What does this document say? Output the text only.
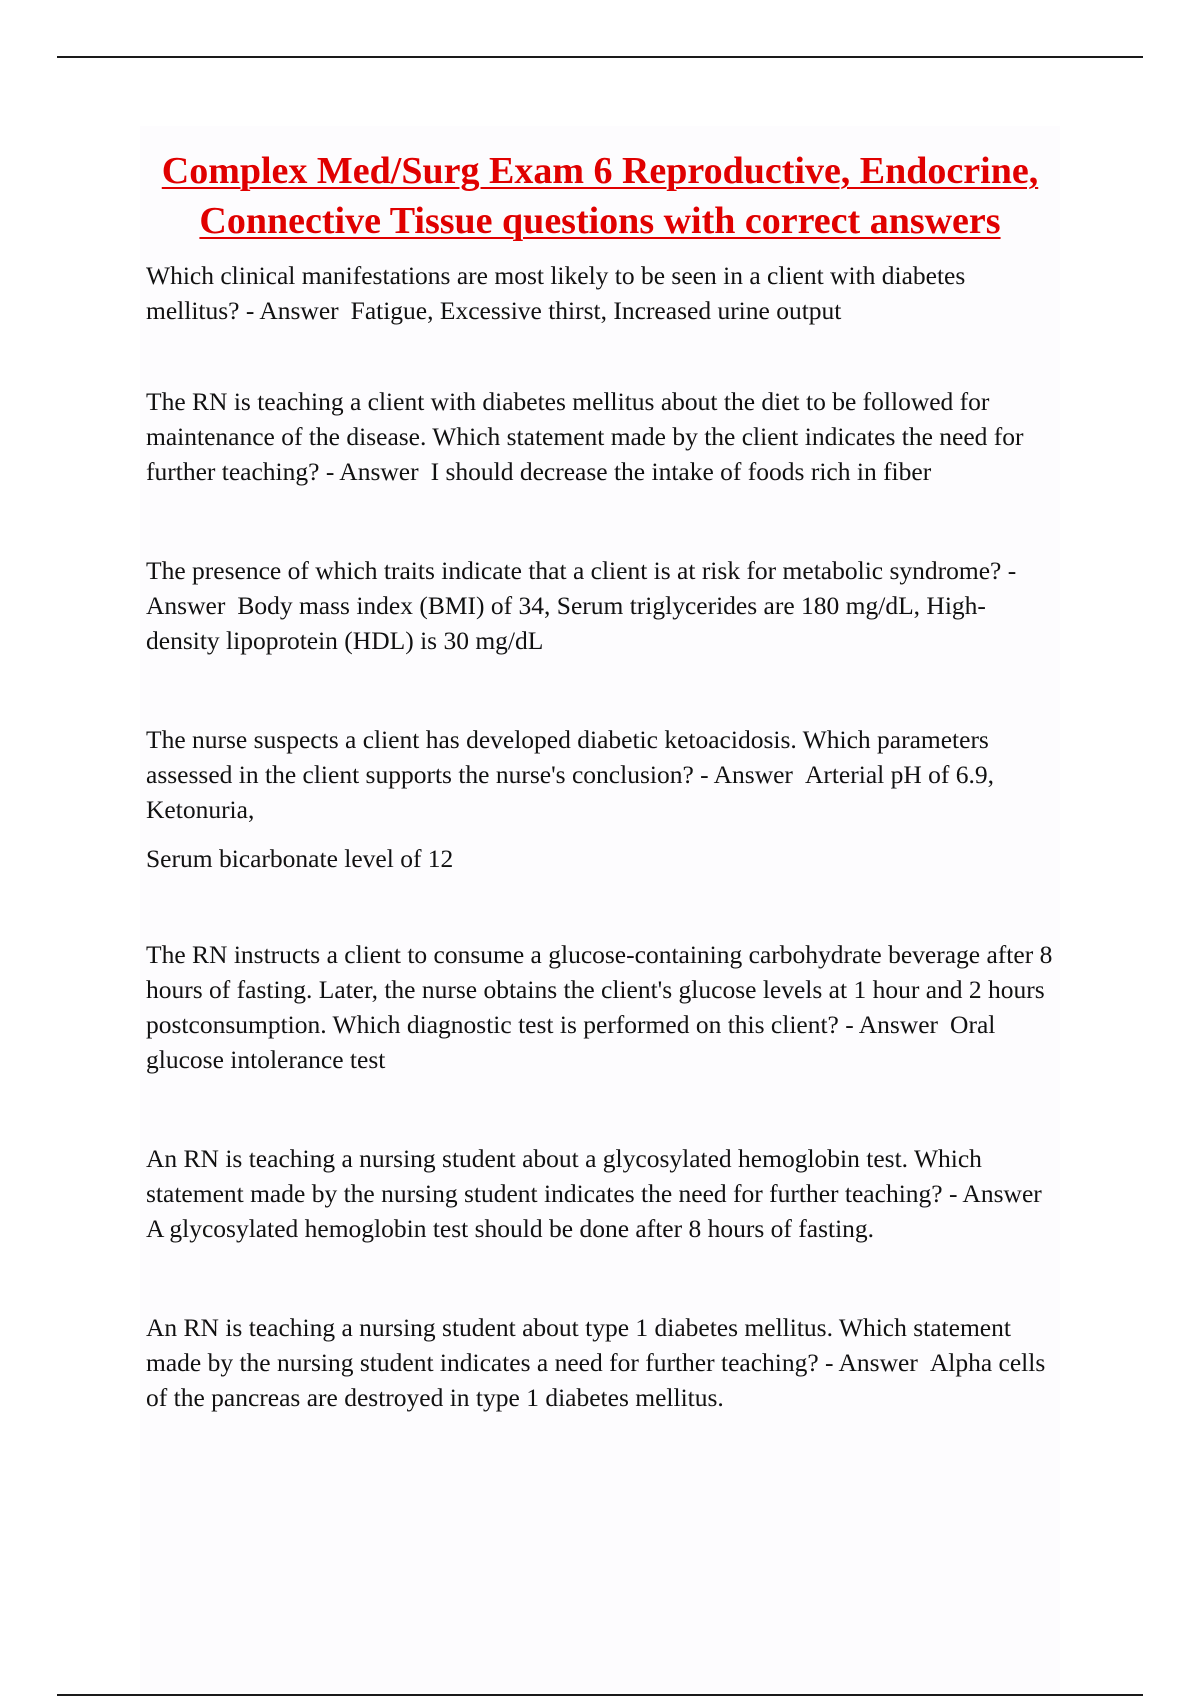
Complex Med/Surg Exam 6 Reproductive, Endocrine,
Connective Tissue questions with correct answers

Which clinical manifestations are most likely to be seen in a client with diabetes mellitus? - Answer Fatigue, Excessive thirst, Increased urine output

The RN is teaching a client with diabetes mellitus about the diet to be followed for maintenance of the disease. Which statement made by the client indicates the need for further teaching? - Answer I should decrease the intake of foods rich in fiber

The presence of which traits indicate that a client is at risk for metabolic syndrome? - Answer Body mass index (BMI) of 34, Serum triglycerides are 180 mg/dL, High-density lipoprotein (HDL) is 30 mg/dL

The nurse suspects a client has developed diabetic ketoacidosis. Which parameters assessed in the client supports the nurse's conclusion? - Answer Arterial pH of 6.9, Ketonuria,

Serum bicarbonate level of 12

The RN instructs a client to consume a glucose-containing carbohydrate beverage after 8 hours of fasting. Later, the nurse obtains the client's glucose levels at 1 hour and 2 hours postconsumption. Which diagnostic test is performed on this client? - Answer Oral glucose intolerance test

An RN is teaching a nursing student about a glycosylated hemoglobin test. Which statement made by the nursing student indicates the need for further teaching? - AnswerA glycosylated hemoglobin test should be done after 8 hours of fasting.

An RN is teaching a nursing student about type 1 diabetes mellitus. Which statement made by the nursing student indicates a need for further teaching? - Answer Alpha cells of the pancreas are destroyed in type 1 diabetes mellitus.
